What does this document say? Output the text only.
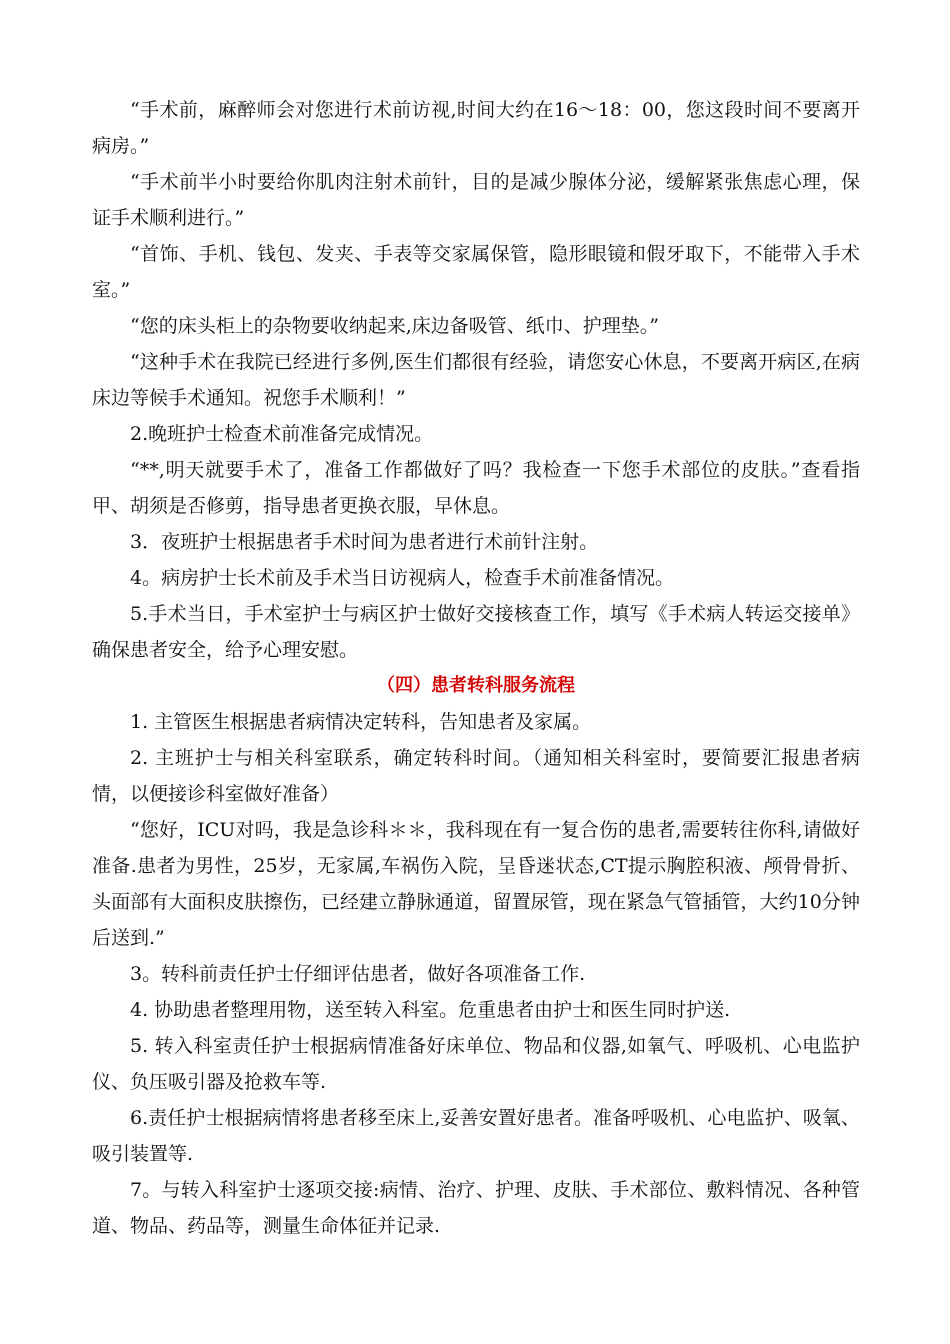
“手术前，麻醉师会对您进行术前访视,时间大约在16～18：00，您这段时间不要离开病房。”

“手术前半小时要给你肌肉注射术前针，目的是减少腺体分泌，缓解紧张焦虑心理，保证手术顺利进行。”

“首饰、手机、钱包、发夹、手表等交家属保管，隐形眼镜和假牙取下，不能带入手术室。”

“您的床头柜上的杂物要收纳起来,床边备吸管、纸巾、护理垫。”

“这种手术在我院已经进行多例,医生们都很有经验，请您安心休息，不要离开病区,在病床边等候手术通知。祝您手术顺利！”

2.晚班护士检查术前准备完成情况。

“**,明天就要手术了，准备工作都做好了吗？我检查一下您手术部位的皮肤。”查看指甲、胡须是否修剪，指导患者更换衣服，早休息。

3．夜班护士根据患者手术时间为患者进行术前针注射。

4。病房护士长术前及手术当日访视病人，检查手术前准备情况。

5.手术当日，手术室护士与病区护士做好交接核查工作，填写《手术病人转运交接单》确保患者安全，给予心理安慰。

（四）患者转科服务流程

1. 主管医生根据患者病情决定转科，告知患者及家属。

2. 主班护士与相关科室联系，确定转科时间。（通知相关科室时，要简要汇报患者病情，以便接诊科室做好准备）

“您好，ICU对吗，我是急诊科＊＊，我科现在有一复合伤的患者,需要转往你科,请做好准备.患者为男性，25岁，无家属,车祸伤入院，呈昏迷状态,CT提示胸腔积液、颅骨骨折、头面部有大面积皮肤擦伤，已经建立静脉通道，留置尿管，现在紧急气管插管，大约10分钟后送到.”

3。转科前责任护士仔细评估患者，做好各项准备工作.

4. 协助患者整理用物，送至转入科室。危重患者由护士和医生同时护送.

5. 转入科室责任护士根据病情准备好床单位、物品和仪器,如氧气、呼吸机、心电监护仪、负压吸引器及抢救车等.

6.责任护士根据病情将患者移至床上,妥善安置好患者。准备呼吸机、心电监护、吸氧、吸引装置等.

7。与转入科室护士逐项交接:病情、治疗、护理、皮肤、手术部位、敷料情况、各种管道、物品、药品等，测量生命体征并记录.
